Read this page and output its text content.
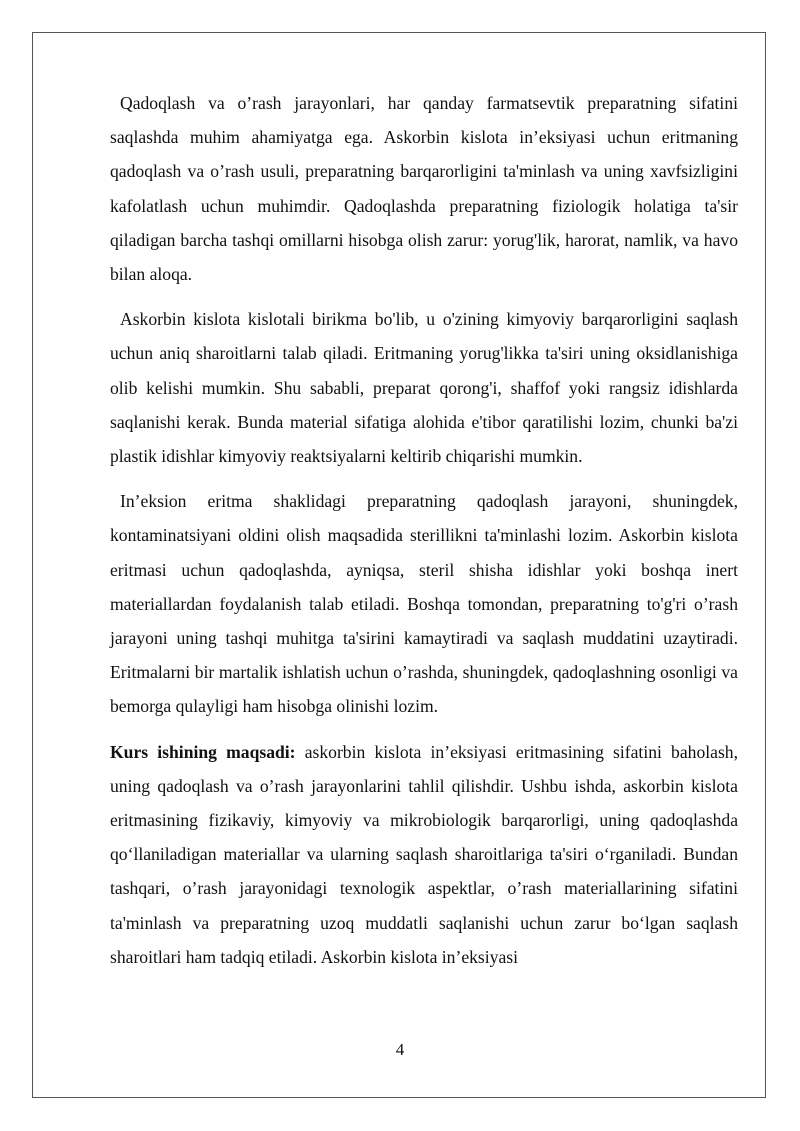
Qadoqlash va o’rash jarayonlari, har qanday farmatsevtik preparatning sifatini saqlashda muhim ahamiyatga ega. Askorbin kislota in’eksiyasi uchun eritmaning qadoqlash va o’rash usuli, preparatning barqarorligini ta'minlash va uning xavfsizligini kafolatlash uchun muhimdir. Qadoqlashda preparatning fiziologik holatiga ta'sir qiladigan barcha tashqi omillarni hisobga olish zarur: yorug'lik, harorat, namlik, va havo bilan aloqa.

Askorbin kislota kislotali birikma bo'lib, u o'zining kimyoviy barqarorligini saqlash uchun aniq sharoitlarni talab qiladi. Eritmaning yorug'likka ta'siri uning oksidlanishiga olib kelishi mumkin. Shu sababli, preparat qorong'i, shaffof yoki rangsiz idishlarda saqlanishi kerak. Bunda material sifatiga alohida e'tibor qaratilishi lozim, chunki ba'zi plastik idishlar kimyoviy reaktsiyalarni keltirib chiqarishi mumkin.

In’eksion eritma shaklidagi preparatning qadoqlash jarayoni, shuningdek, kontaminatsiyani oldini olish maqsadida sterillikni ta'minlashi lozim. Askorbin kislota eritmasi uchun qadoqlashda, ayniqsa, steril shisha idishlar yoki boshqa inert materiallardan foydalanish talab etiladi. Boshqa tomondan, preparatning to'g'ri o’rash jarayoni uning tashqi muhitga ta'sirini kamaytiradi va saqlash muddatini uzaytiradi. Eritmalarni bir martalik ishlatish uchun o’rashda, shuningdek, qadoqlashning osonligi va bemorga qulayligi ham hisobga olinishi lozim.

Kurs ishining maqsadi: askorbin kislota in’eksiyasi eritmasining sifatini baholash, uning qadoqlash va o’rash jarayonlarini tahlil qilishdir. Ushbu ishda, askorbin kislota eritmasining fizikaviy, kimyoviy va mikrobiologik barqarorligi, uning qadoqlashda qo‘llaniladigan materiallar va ularning saqlash sharoitlariga ta'siri o‘rganiladi. Bundan tashqari, o’rash jarayonidagi texnologik aspektlar, o’rash materiallarining sifatini ta'minlash va preparatning uzoq muddatli saqlanishi uchun zarur bo‘lgan saqlash sharoitlari ham tadqiq etiladi. Askorbin kislota in’eksiyasi

4
